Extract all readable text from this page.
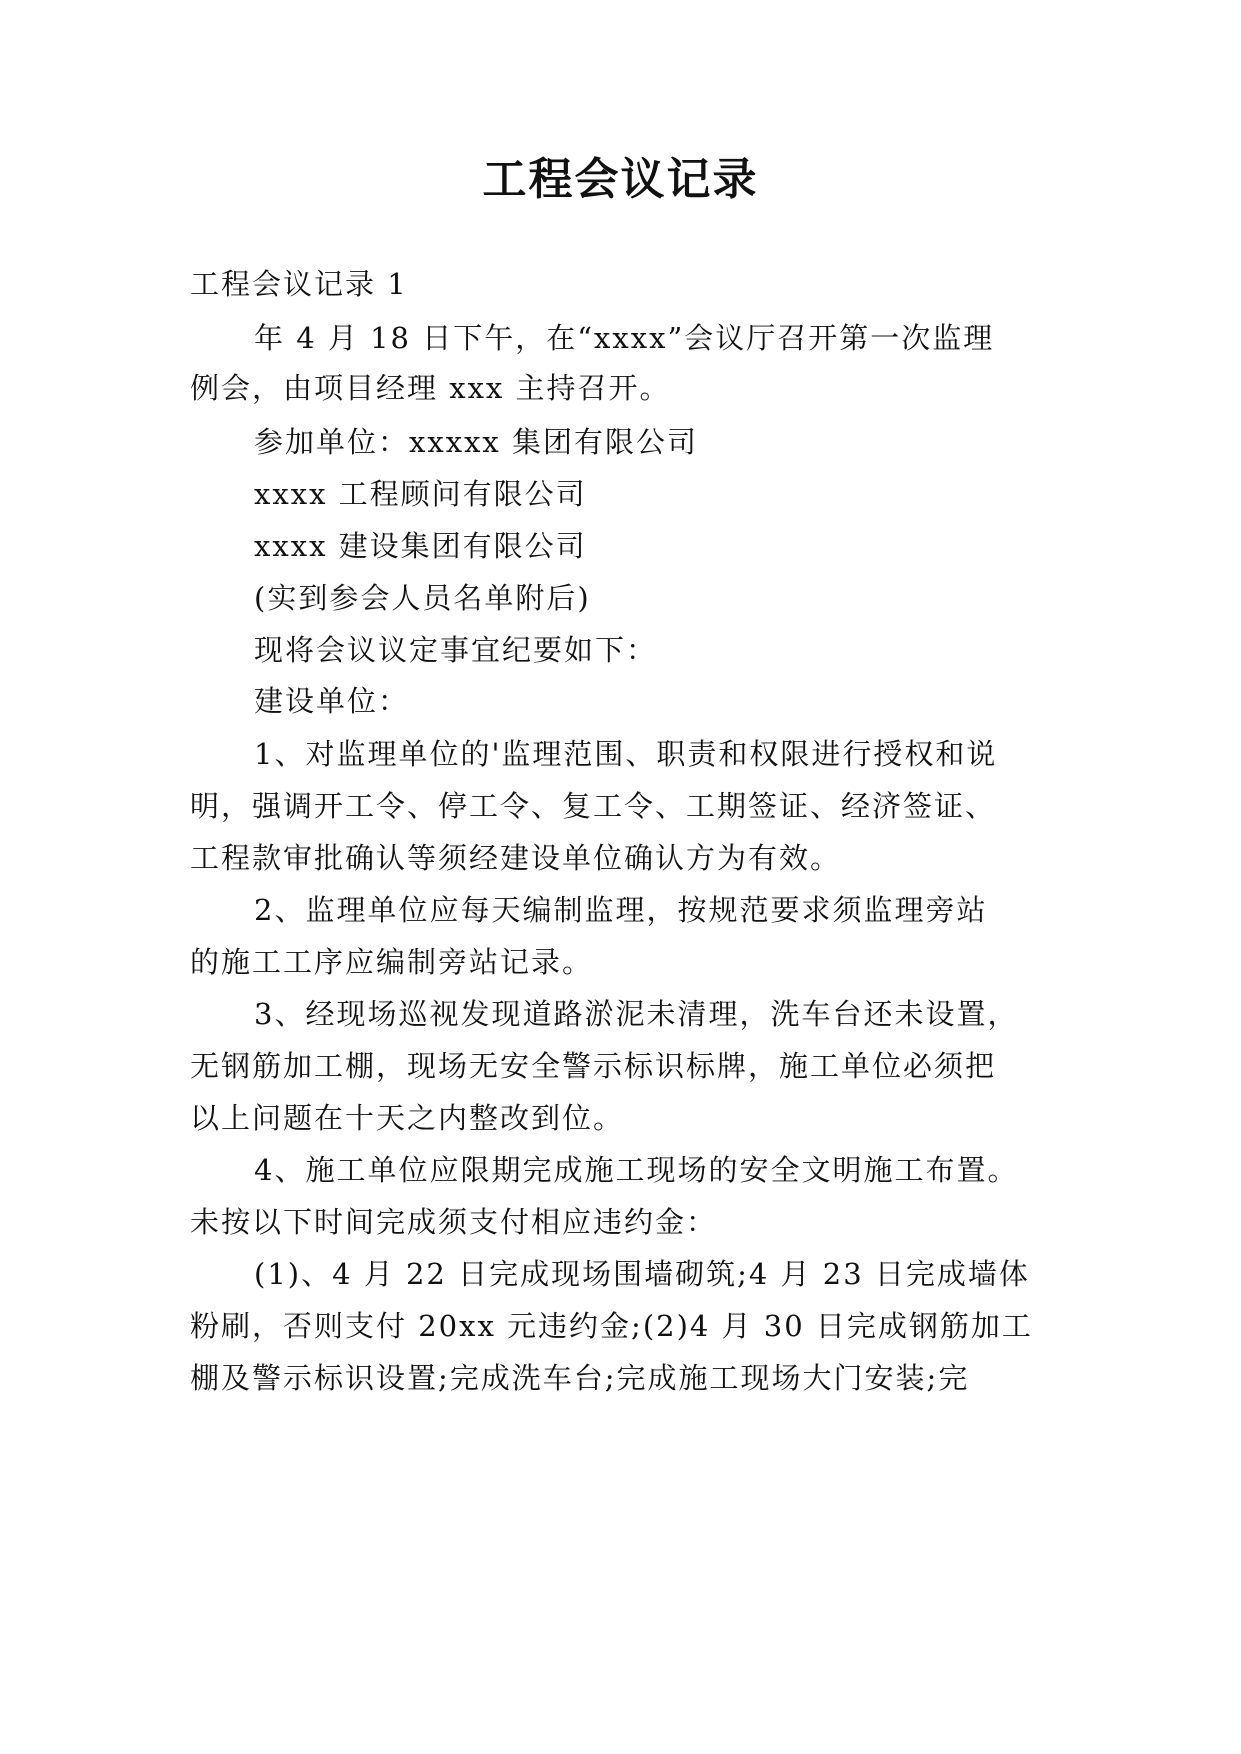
工程会议记录
工程会议记录 1
年 4 月 18 日下午，在“xxxx”会议厅召开第一次监理
例会，由项目经理 xxx 主持召开。
参加单位：xxxxx 集团有限公司
xxxx 工程顾问有限公司
xxxx 建设集团有限公司
(实到参会人员名单附后)
现将会议议定事宜纪要如下：
建设单位：
1、对监理单位的'监理范围、职责和权限进行授权和说
明，强调开工令、停工令、复工令、工期签证、经济签证、
工程款审批确认等须经建设单位确认方为有效。
2、监理单位应每天编制监理，按规范要求须监理旁站
的施工工序应编制旁站记录。
3、经现场巡视发现道路淤泥未清理，洗车台还未设置，
无钢筋加工棚，现场无安全警示标识标牌，施工单位必须把
以上问题在十天之内整改到位。
4、施工单位应限期完成施工现场的安全文明施工布置。
未按以下时间完成须支付相应违约金：
(1)、4 月 22 日完成现场围墙砌筑;4 月 23 日完成墙体
粉刷，否则支付 20xx 元违约金;(2)4 月 30 日完成钢筋加工
棚及警示标识设置;完成洗车台;完成施工现场大门安装;完
